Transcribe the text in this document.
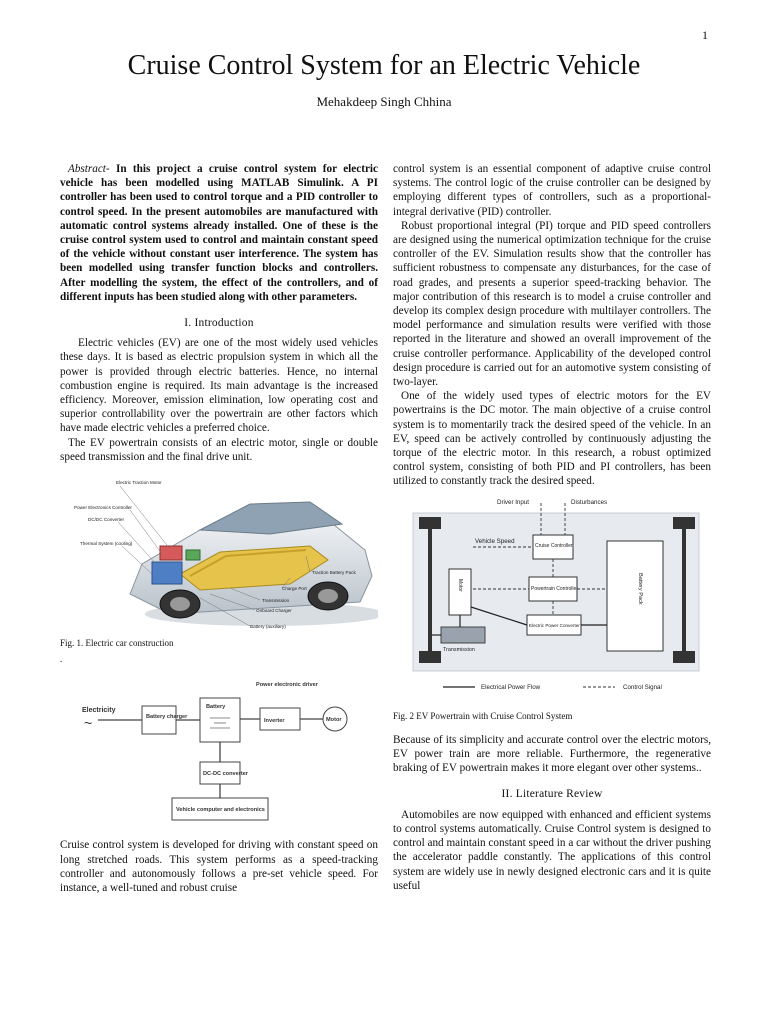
1
Cruise Control System for an Electric Vehicle
Mehakdeep Singh Chhina

Abstract- In this project a cruise control system for electric vehicle has been modelled using MATLAB Simulink. A PI controller has been used to control torque and a PID controller to control speed. In the present automobiles are manufactured with automatic control systems already installed. One of these is the cruise control system used to control and maintain constant speed of the vehicle without constant user interference. The system has been modelled using transfer function blocks and controllers. After modelling the system, the effect of the controllers, and of different inputs has been studied along with other parameters.

I. Introduction

Electric vehicles (EV) are one of the most widely used vehicles these days. It is based as electric propulsion system in which all the power is provided through electric batteries. Hence, no internal combustion engine is required. Its main advantage is the increased efficiency. Moreover, emission elimination, low operating cost and superior controllability over the powertrain are other factors which have made electric vehicles a preferred choice.

The EV powertrain consists of an electric motor, single or double speed transmission and the final drive unit.

Electric Traction Motor
Power Electronics Controller
DC/DC Converter
Thermal System (cooling)
Traction Battery Pack
Charge Port
Transmission
Onboard Charger
Battery (auxiliary)

Fig. 1. Electric car construction

.

Electricity
~	Battery charger
Battery
Power electronic driver
Inverter	Motor
DC-DC converter
Vehicle computer and electronics

Cruise control system is developed for driving with constant speed on long stretched roads. This system performs as a speed-tracking controller and autonomously follows a pre-set vehicle speed. For instance, a well-tuned and robust cruise

control system is an essential component of adaptive cruise control systems. The control logic of the cruise controller can be designed by employing different types of controllers, such as a proportional-integral derivative (PID) controller.

Robust proportional integral (PI) torque and PID speed controllers are designed using the numerical optimization technique for the cruise controller of the EV. Simulation results show that the controller has sufficient robustness to compensate any disturbances, for the case of road grades, and presents a superior speed-tracking behavior. The major contribution of this research is to model a cruise controller and develop its complex design procedure with multilayer controllers. The model performance and simulation results were verified with those reported in the literature and showed an overall improvement of the cruise controller performance. Applicability of the developed control design procedure is carried out for an automotive system consisting of two-layer.

One of the widely used types of electric motors for the EV powertrains is the DC motor. The main objective of a cruise control system is to momentarily track the desired speed of the vehicle. In an EV, speed can be actively controlled by continuously adjusting the torque of the electric motor. In this research, a robust optimized control system, consisting of both PID and PI controllers, has been utilized to constantly track the desired speed.

Driver Input	Disturbances
Vehicle Speed
Cruise Controller
Powertrain Controller
Electric Power Converter
Motor	Battery Pack
Transmission
Electrical Power Flow	Control Signal

Fig. 2 EV Powertrain with Cruise Control System

Because of its simplicity and accurate control over the electric motors, EV power train are more reliable. Furthermore, the regenerative braking of EV powertrain makes it more elegant over other systems..

II. Literature Review

Automobiles are now equipped with enhanced and efficient systems to control systems automatically. Cruise Control system is designed to control and maintain constant speed in a car without the driver pushing the accelerator paddle constantly. The applications of this control system are widely use in newly designed electronic cars and it is quite useful
